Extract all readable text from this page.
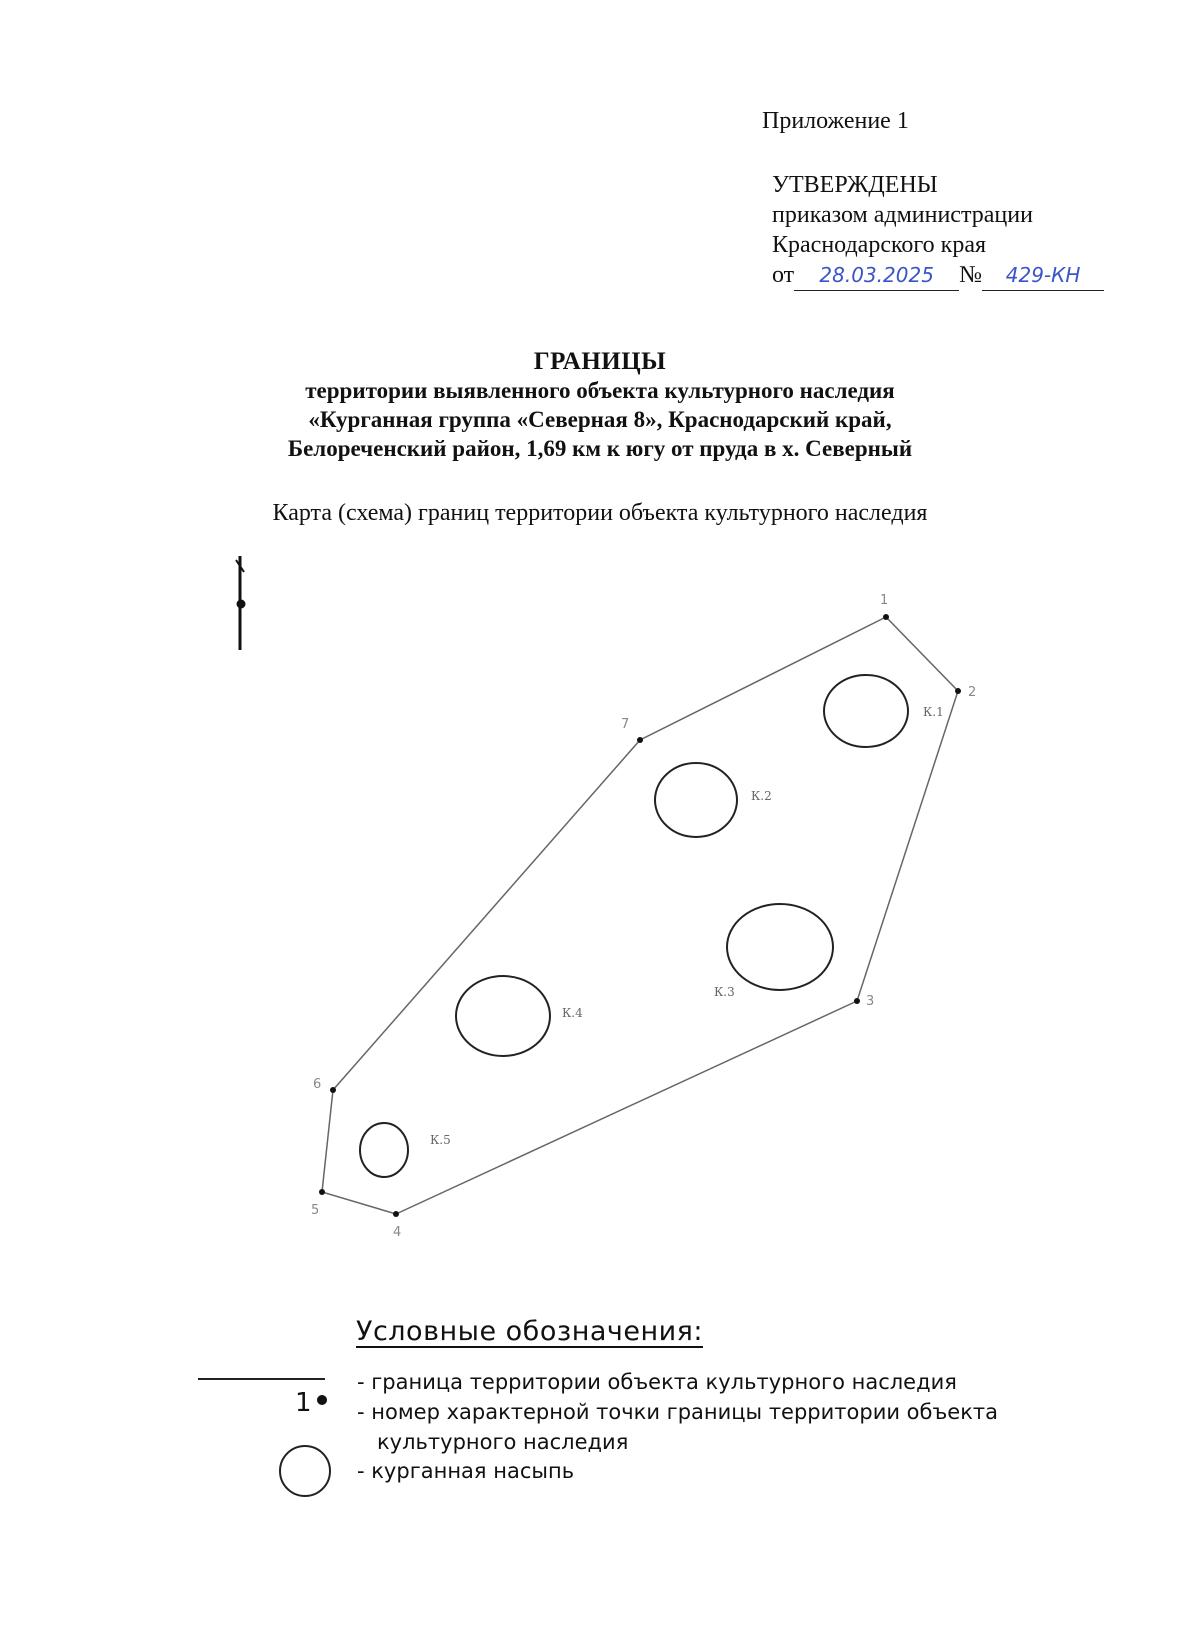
Приложение 1
УТВЕРЖДЕНЫ
приказом администрации
Краснодарского края
от 28.03.2025 № 429-КН
ГРАНИЦЫ
территории выявленного объекта культурного наследия
«Курганная группа «Северная 8», Краснодарский край,
Белореченский район, 1,69 км к югу от пруда в х. Северный
Карта (схема) границ территории объекта культурного наследия
1
2
3
4
5
6
7
К.1
К.2
К.3
К.4
К.5
Условные обозначения:
1
- граница территории объекта культурного наследия
- номер характерной точки границы территории объекта
культурного наследия
- курганная насыпь
